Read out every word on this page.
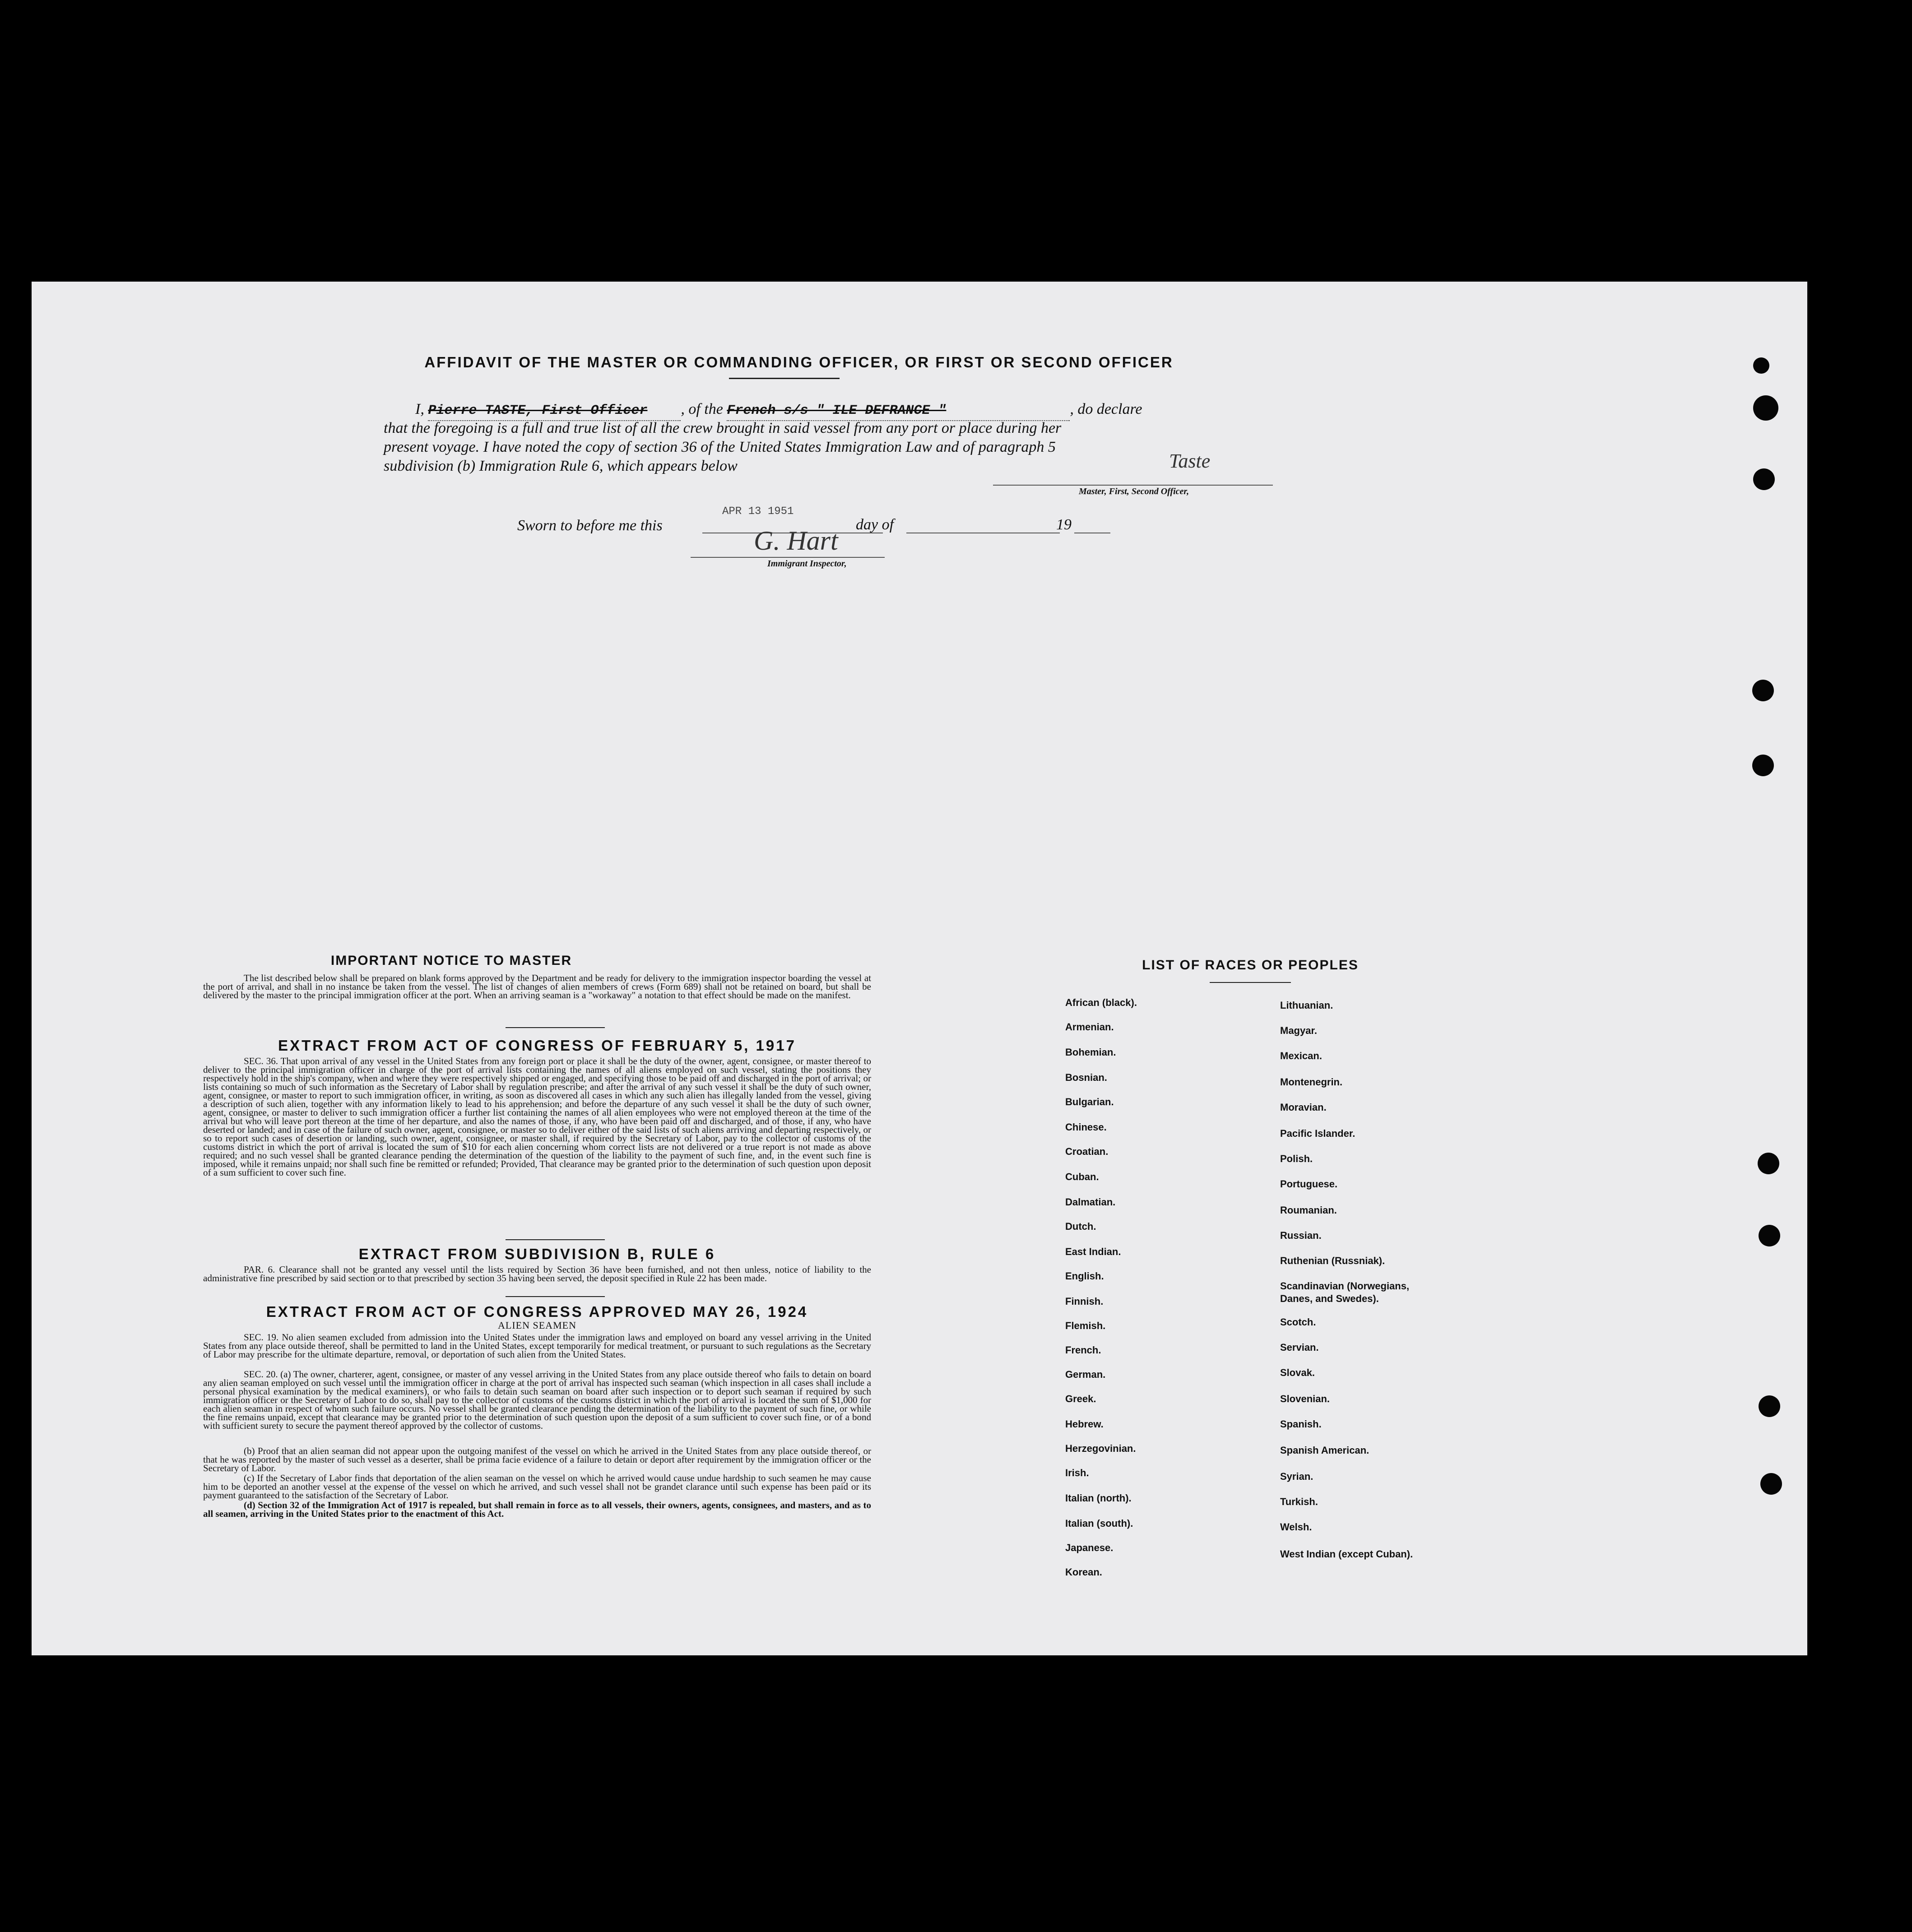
AFFIDAVIT OF THE MASTER OR COMMANDING OFFICER, OR FIRST OR SECOND OFFICER
I, Pierre TASTE, First Officer , of the French s/s " ILE DEFRANCE "	, do declare
that the foregoing is a full and true list of all the crew brought in said vessel from any port or place during her
present voyage. I have noted the copy of section 36 of the United States Immigration Law and of paragraph 5
subdivision (b) Immigration Rule 6, which appears below	Taste
Master, First, Second Officer,
Sworn to before me this
APR 13 1951
day of	19
G. Hart
Immigrant Inspector,
IMPORTANT NOTICE TO MASTER
The list described below shall be prepared on blank forms approved by the Department and be ready for delivery to the immigration inspector boarding the vessel at the port of arrival, and shall in no instance be taken from the vessel. The list of changes of alien members of crews (Form 689) shall not be retained on board, but shall be delivered by the master to the principal immigration officer at the port. When an arriving seaman is a "workaway" a notation to that effect should be made on the manifest.
EXTRACT FROM ACT OF CONGRESS OF FEBRUARY 5, 1917
SEC. 36. That upon arrival of any vessel in the United States from any foreign port or place it shall be the duty of the owner, agent, consignee, or master thereof to deliver to the principal immigration officer in charge of the port of arrival lists containing the names of all aliens employed on such vessel, stating the positions they respectively hold in the ship's company, when and where they were respectively shipped or engaged, and specifying those to be paid off and discharged in the port of arrival; or lists containing so much of such information as the Secretary of Labor shall by regulation prescribe; and after the arrival of any such vessel it shall be the duty of such owner, agent, consignee, or master to report to such immigration officer, in writing, as soon as discovered all cases in which any such alien has illegally landed from the vessel, giving a description of such alien, together with any information likely to lead to his apprehension; and before the departure of any such vessel it shall be the duty of such owner, agent, consignee, or master to deliver to such immigration officer a further list containing the names of all alien employees who were not employed thereon at the time of the arrival but who will leave port thereon at the time of her departure, and also the names of those, if any, who have been paid off and discharged, and of those, if any, who have deserted or landed; and in case of the failure of such owner, agent, consignee, or master so to deliver either of the said lists of such aliens arriving and departing respectively, or so to report such cases of desertion or landing, such owner, agent, consignee, or master shall, if required by the Secretary of Labor, pay to the collector of customs of the customs district in which the port of arrival is located the sum of $10 for each alien concerning whom correct lists are not delivered or a true report is not made as above required; and no such vessel shall be granted clearance pending the determination of the question of the liability to the payment of such fine, and, in the event such fine is imposed, while it remains unpaid; nor shall such fine be remitted or refunded; Provided, That clearance may be granted prior to the determination of such question upon deposit of a sum sufficient to cover such fine.
EXTRACT FROM SUBDIVISION B, RULE 6
PAR. 6. Clearance shall not be granted any vessel until the lists required by Section 36 have been furnished, and not then unless, notice of liability to the administrative fine prescribed by said section or to that prescribed by section 35 having been served, the deposit specified in Rule 22 has been made.
EXTRACT FROM ACT OF CONGRESS APPROVED MAY 26, 1924
ALIEN SEAMEN
SEC. 19. No alien seamen excluded from admission into the United States under the immigration laws and employed on board any vessel arriving in the United States from any place outside thereof, shall be permitted to land in the United States, except temporarily for medical treatment, or pursuant to such regulations as the Secretary of Labor may prescribe for the ultimate departure, removal, or deportation of such alien from the United States.
SEC. 20. (a) The owner, charterer, agent, consignee, or master of any vessel arriving in the United States from any place outside thereof who fails to detain on board any alien seaman employed on such vessel until the immigration officer in charge at the port of arrival has inspected such seaman (which inspection in all cases shall include a personal physical examination by the medical examiners), or who fails to detain such seaman on board after such inspection or to deport such seaman if required by such immigration officer or the Secretary of Labor to do so, shall pay to the collector of customs of the customs district in which the port of arrival is located the sum of $1,000 for each alien seaman in respect of whom such failure occurs. No vessel shall be granted clearance pending the determination of the liability to the payment of such fine, or while the fine remains unpaid, except that clearance may be granted prior to the determination of such question upon the deposit of a sum sufficient to cover such fine, or of a bond with sufficient surety to secure the payment thereof approved by the collector of customs.
(b) Proof that an alien seaman did not appear upon the outgoing manifest of the vessel on which he arrived in the United States from any place outside thereof, or that he was reported by the master of such vessel as a deserter, shall be prima facie evidence of a failure to detain or deport after requirement by the immigration officer or the Secretary of Labor.
(c) If the Secretary of Labor finds that deportation of the alien seaman on the vessel on which he arrived would cause undue hardship to such seamen he may cause him to be deported an another vessel at the expense of the vessel on which he arrived, and such vessel shall not be grandet clarance until such expense has been paid or its payment guaranteed to the satisfaction of the Secretary of Labor.
(d) Section 32 of the Immigration Act of 1917 is repealed, but shall remain in force as to all vessels, their owners, agents, consignees, and masters, and as to all seamen, arriving in the United States prior to the enactment of this Act.
LIST OF RACES OR PEOPLES
African (black).
Armenian.
Bohemian.
Bosnian.
Bulgarian.
Chinese.
Croatian.
Cuban.
Dalmatian.
Dutch.
East Indian.
English.
Finnish.
Flemish.
French.
German.
Greek.
Hebrew.
Herzegovinian.
Irish.
Italian (north).
Italian (south).
Japanese.
Korean.
Lithuanian.
Magyar.
Mexican.
Montenegrin.
Moravian.
Pacific Islander.
Polish.
Portuguese.
Roumanian.
Russian.
Ruthenian (Russniak).
Scandinavian (Norwegians, Danes, and Swedes).
Scotch.
Servian.
Slovak.
Slovenian.
Spanish.
Spanish American.
Syrian.
Turkish.
Welsh.
West Indian (except Cuban).
